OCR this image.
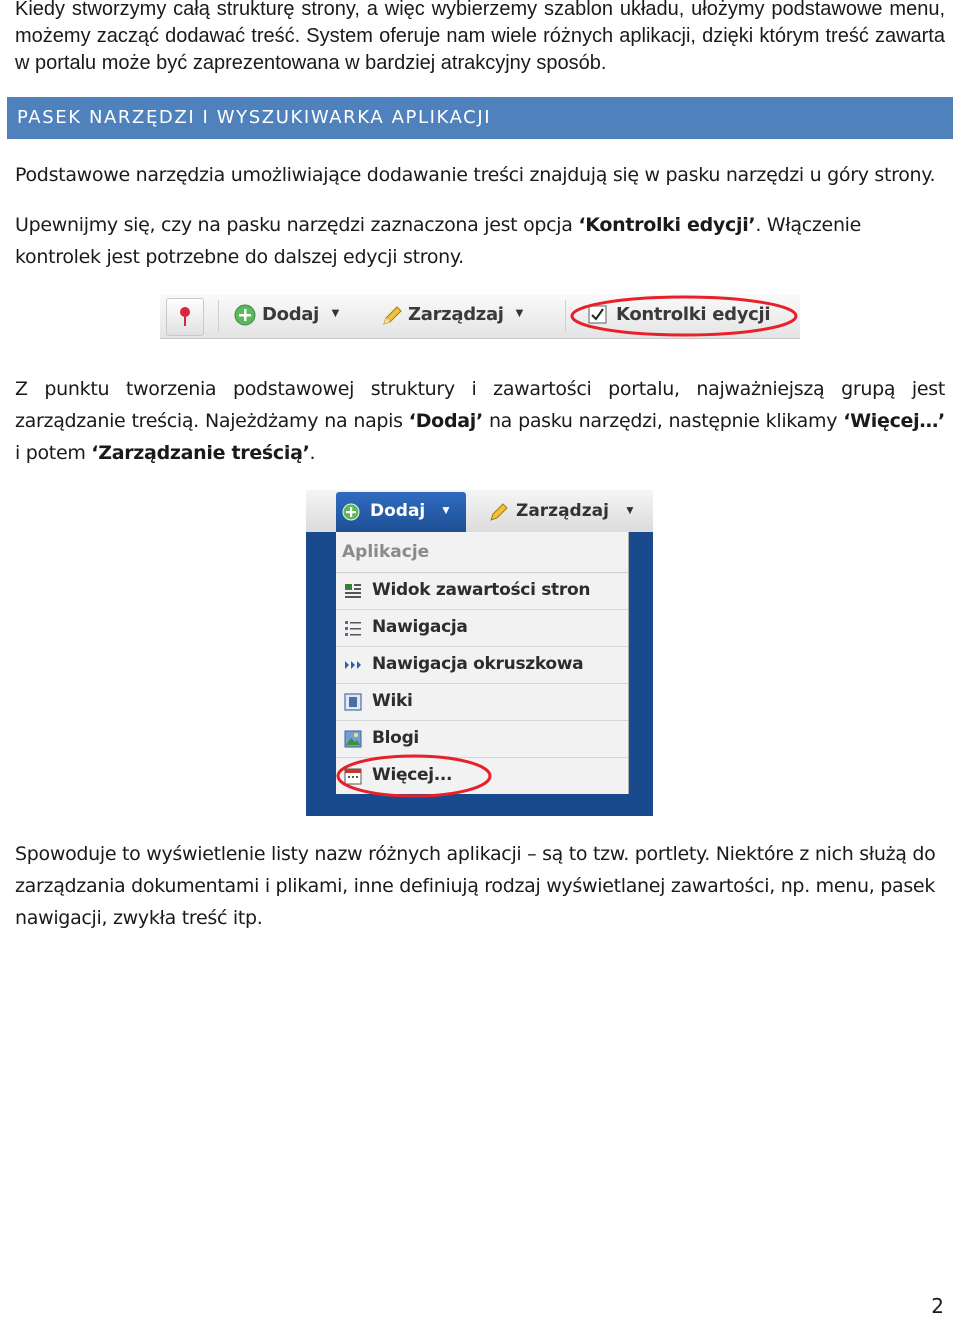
Kiedy stworzymy całą strukturę strony, a więc wybierzemy szablon układu, ułożymy podstawowe menu, możemy zacząć dodawać treść. System oferuje nam wiele różnych aplikacji, dzięki którym treść zawarta w portalu może być zaprezentowana w bardziej atrakcyjny sposób.

PASEK NARZĘDZI I WYSZUKIWARKA APLIKACJI

Podstawowe narzędzia umożliwiające dodawanie treści znajdują się w pasku narzędzi u góry strony.

Upewnijmy się, czy na pasku narzędzi zaznaczona jest opcja ‘Kontrolki edycji’. Włączenie kontrolek jest potrzebne do dalszej edycji strony.

Dodaj ▼	Zarządzaj ▼	Kontrolki edycji

Z punktu tworzenia podstawowej struktury i zawartości portalu, najważniejszą grupą jest zarządzanie treścią. Najeżdżamy na napis ‘Dodaj’ na pasku narzędzi, następnie klikamy ‘Więcej…’ i potem ‘Zarządzanie treścią’.

Dodaj ▼	Zarządzaj ▼
Aplikacje
Widok zawartości stron
Nawigacja
Nawigacja okruszkowa
Wiki
Blogi
Więcej...

Spowoduje to wyświetlenie listy nazw różnych aplikacji – są to tzw. portlety. Niektóre z nich służą do zarządzania dokumentami i plikami, inne definiują rodzaj wyświetlanej zawartości, np. menu, pasek nawigacji, zwykła treść itp.

2
